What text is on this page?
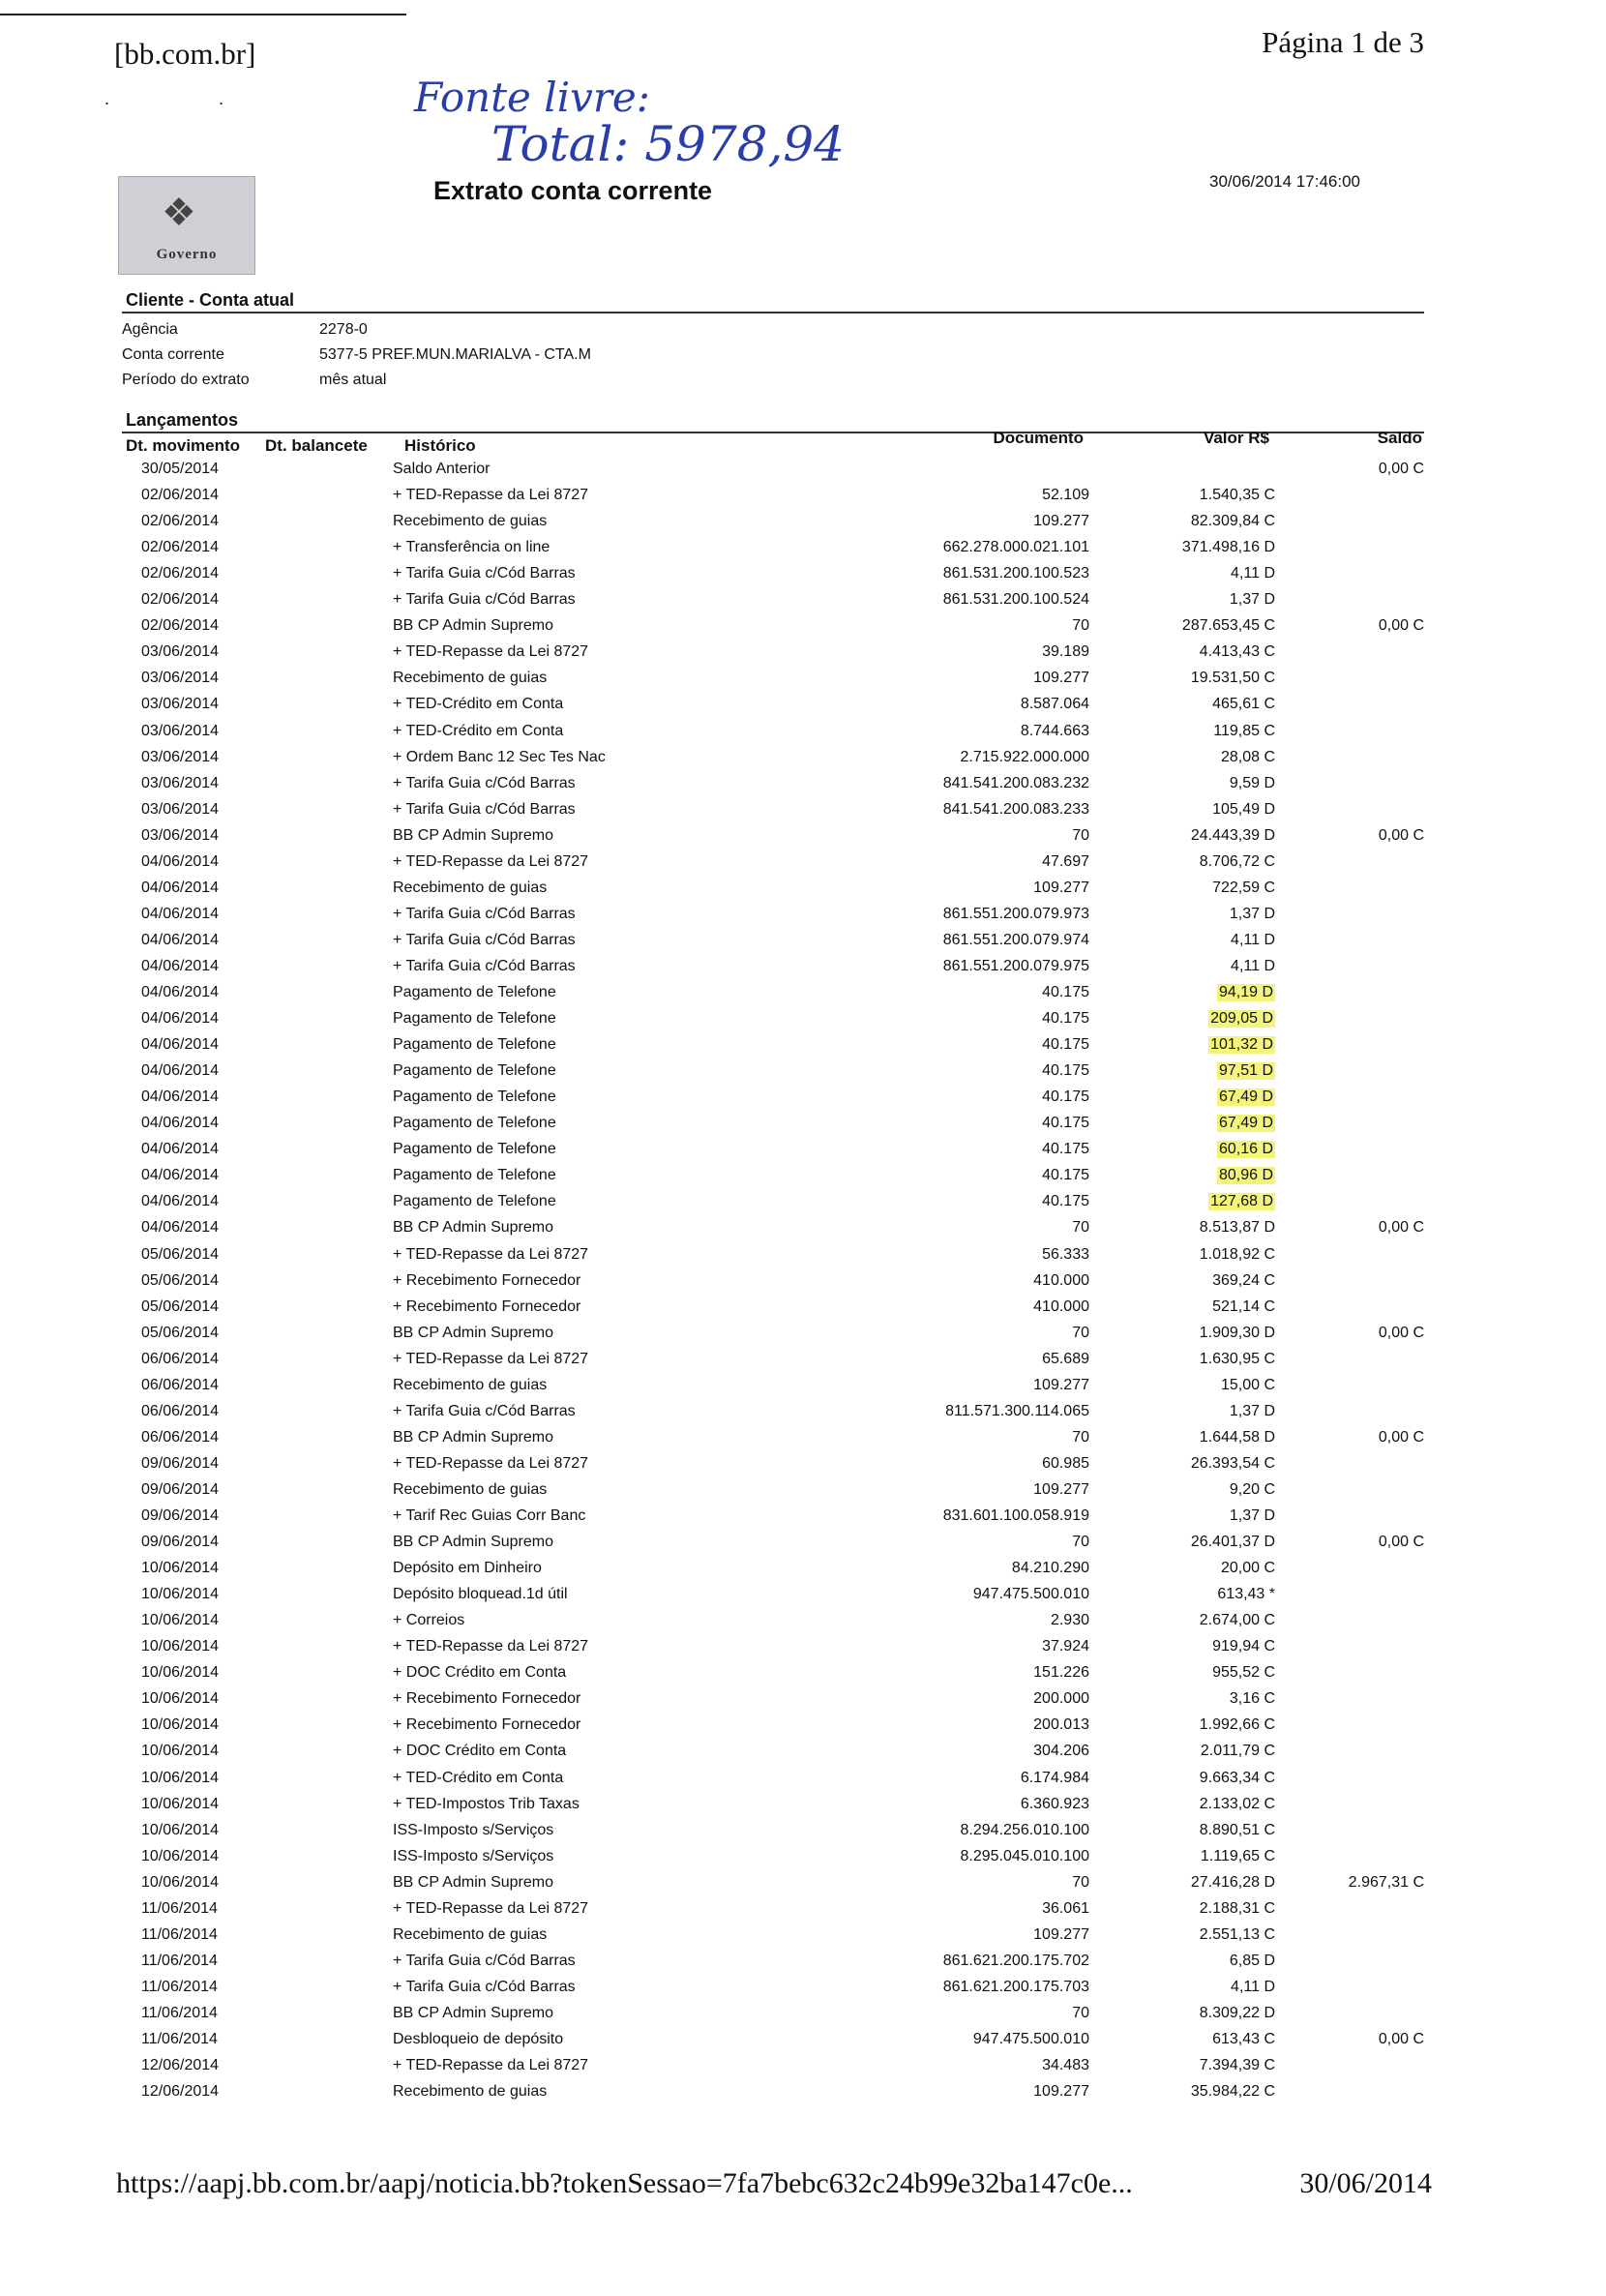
[bb.com.br]	Página 1 de 3
. .	Fonte livre:
Total: 5978,94
❖
Governo
Extrato conta corrente	30/06/2014 17:46:00
Cliente - Conta atual
Agência	2278-0
Conta corrente	5377-5 PREF.MUN.MARIALVA - CTA.M
Período do extrato	mês atual
Lançamentos
Dt. movimento Dt. balancete Histórico	Documento	Valor R$	Saldo
30/05/2014	Saldo Anterior	0,00 C
02/06/2014	+ TED-Repasse da Lei 8727	52.109	1.540,35 C
02/06/2014	Recebimento de guias	109.277	82.309,84 C
02/06/2014	+ Transferência on line	662.278.000.021.101	371.498,16 D
02/06/2014	+ Tarifa Guia c/Cód Barras	861.531.200.100.523	4,11 D
02/06/2014	+ Tarifa Guia c/Cód Barras	861.531.200.100.524	1,37 D
02/06/2014	BB CP Admin Supremo	70	287.653,45 C	0,00 C
03/06/2014	+ TED-Repasse da Lei 8727	39.189	4.413,43 C
03/06/2014	Recebimento de guias	109.277	19.531,50 C
03/06/2014	+ TED-Crédito em Conta	8.587.064	465,61 C
03/06/2014	+ TED-Crédito em Conta	8.744.663	119,85 C
03/06/2014	+ Ordem Banc 12 Sec Tes Nac	2.715.922.000.000	28,08 C
03/06/2014	+ Tarifa Guia c/Cód Barras	841.541.200.083.232	9,59 D
03/06/2014	+ Tarifa Guia c/Cód Barras	841.541.200.083.233	105,49 D
03/06/2014	BB CP Admin Supremo	70	24.443,39 D	0,00 C
04/06/2014	+ TED-Repasse da Lei 8727	47.697	8.706,72 C
04/06/2014	Recebimento de guias	109.277	722,59 C
04/06/2014	+ Tarifa Guia c/Cód Barras	861.551.200.079.973	1,37 D
04/06/2014	+ Tarifa Guia c/Cód Barras	861.551.200.079.974	4,11 D
04/06/2014	+ Tarifa Guia c/Cód Barras	861.551.200.079.975	4,11 D
04/06/2014	Pagamento de Telefone	40.175	94,19 D
04/06/2014	Pagamento de Telefone	40.175	209,05 D
04/06/2014	Pagamento de Telefone	40.175	101,32 D
04/06/2014	Pagamento de Telefone	40.175	97,51 D
04/06/2014	Pagamento de Telefone	40.175	67,49 D
04/06/2014	Pagamento de Telefone	40.175	67,49 D
04/06/2014	Pagamento de Telefone	40.175	60,16 D
04/06/2014	Pagamento de Telefone	40.175	80,96 D
04/06/2014	Pagamento de Telefone	40.175	127,68 D
04/06/2014	BB CP Admin Supremo	70	8.513,87 D	0,00 C
05/06/2014	+ TED-Repasse da Lei 8727	56.333	1.018,92 C
05/06/2014	+ Recebimento Fornecedor	410.000	369,24 C
05/06/2014	+ Recebimento Fornecedor	410.000	521,14 C
05/06/2014	BB CP Admin Supremo	70	1.909,30 D	0,00 C
06/06/2014	+ TED-Repasse da Lei 8727	65.689	1.630,95 C
06/06/2014	Recebimento de guias	109.277	15,00 C
06/06/2014	+ Tarifa Guia c/Cód Barras	811.571.300.114.065	1,37 D
06/06/2014	BB CP Admin Supremo	70	1.644,58 D	0,00 C
09/06/2014	+ TED-Repasse da Lei 8727	60.985	26.393,54 C
09/06/2014	Recebimento de guias	109.277	9,20 C
09/06/2014	+ Tarif Rec Guias Corr Banc	831.601.100.058.919	1,37 D
09/06/2014	BB CP Admin Supremo	70	26.401,37 D	0,00 C
10/06/2014	Depósito em Dinheiro	84.210.290	20,00 C
10/06/2014	Depósito bloquead.1d útil	947.475.500.010	613,43 *
10/06/2014	+ Correios	2.930	2.674,00 C
10/06/2014	+ TED-Repasse da Lei 8727	37.924	919,94 C
10/06/2014	+ DOC Crédito em Conta	151.226	955,52 C
10/06/2014	+ Recebimento Fornecedor	200.000	3,16 C
10/06/2014	+ Recebimento Fornecedor	200.013	1.992,66 C
10/06/2014	+ DOC Crédito em Conta	304.206	2.011,79 C
10/06/2014	+ TED-Crédito em Conta	6.174.984	9.663,34 C
10/06/2014	+ TED-Impostos Trib Taxas	6.360.923	2.133,02 C
10/06/2014	ISS-Imposto s/Serviços	8.294.256.010.100	8.890,51 C
10/06/2014	ISS-Imposto s/Serviços	8.295.045.010.100	1.119,65 C
10/06/2014	BB CP Admin Supremo	70	27.416,28 D	2.967,31 C
11/06/2014	+ TED-Repasse da Lei 8727	36.061	2.188,31 C
11/06/2014	Recebimento de guias	109.277	2.551,13 C
11/06/2014	+ Tarifa Guia c/Cód Barras	861.621.200.175.702	6,85 D
11/06/2014	+ Tarifa Guia c/Cód Barras	861.621.200.175.703	4,11 D
11/06/2014	BB CP Admin Supremo	70	8.309,22 D
11/06/2014	Desbloqueio de depósito	947.475.500.010	613,43 C	0,00 C
12/06/2014	+ TED-Repasse da Lei 8727	34.483	7.394,39 C
12/06/2014	Recebimento de guias	109.277	35.984,22 C
https://aapj.bb.com.br/aapj/noticia.bb?tokenSessao=7fa7bebc632c24b99e32ba147c0e...	30/06/2014
